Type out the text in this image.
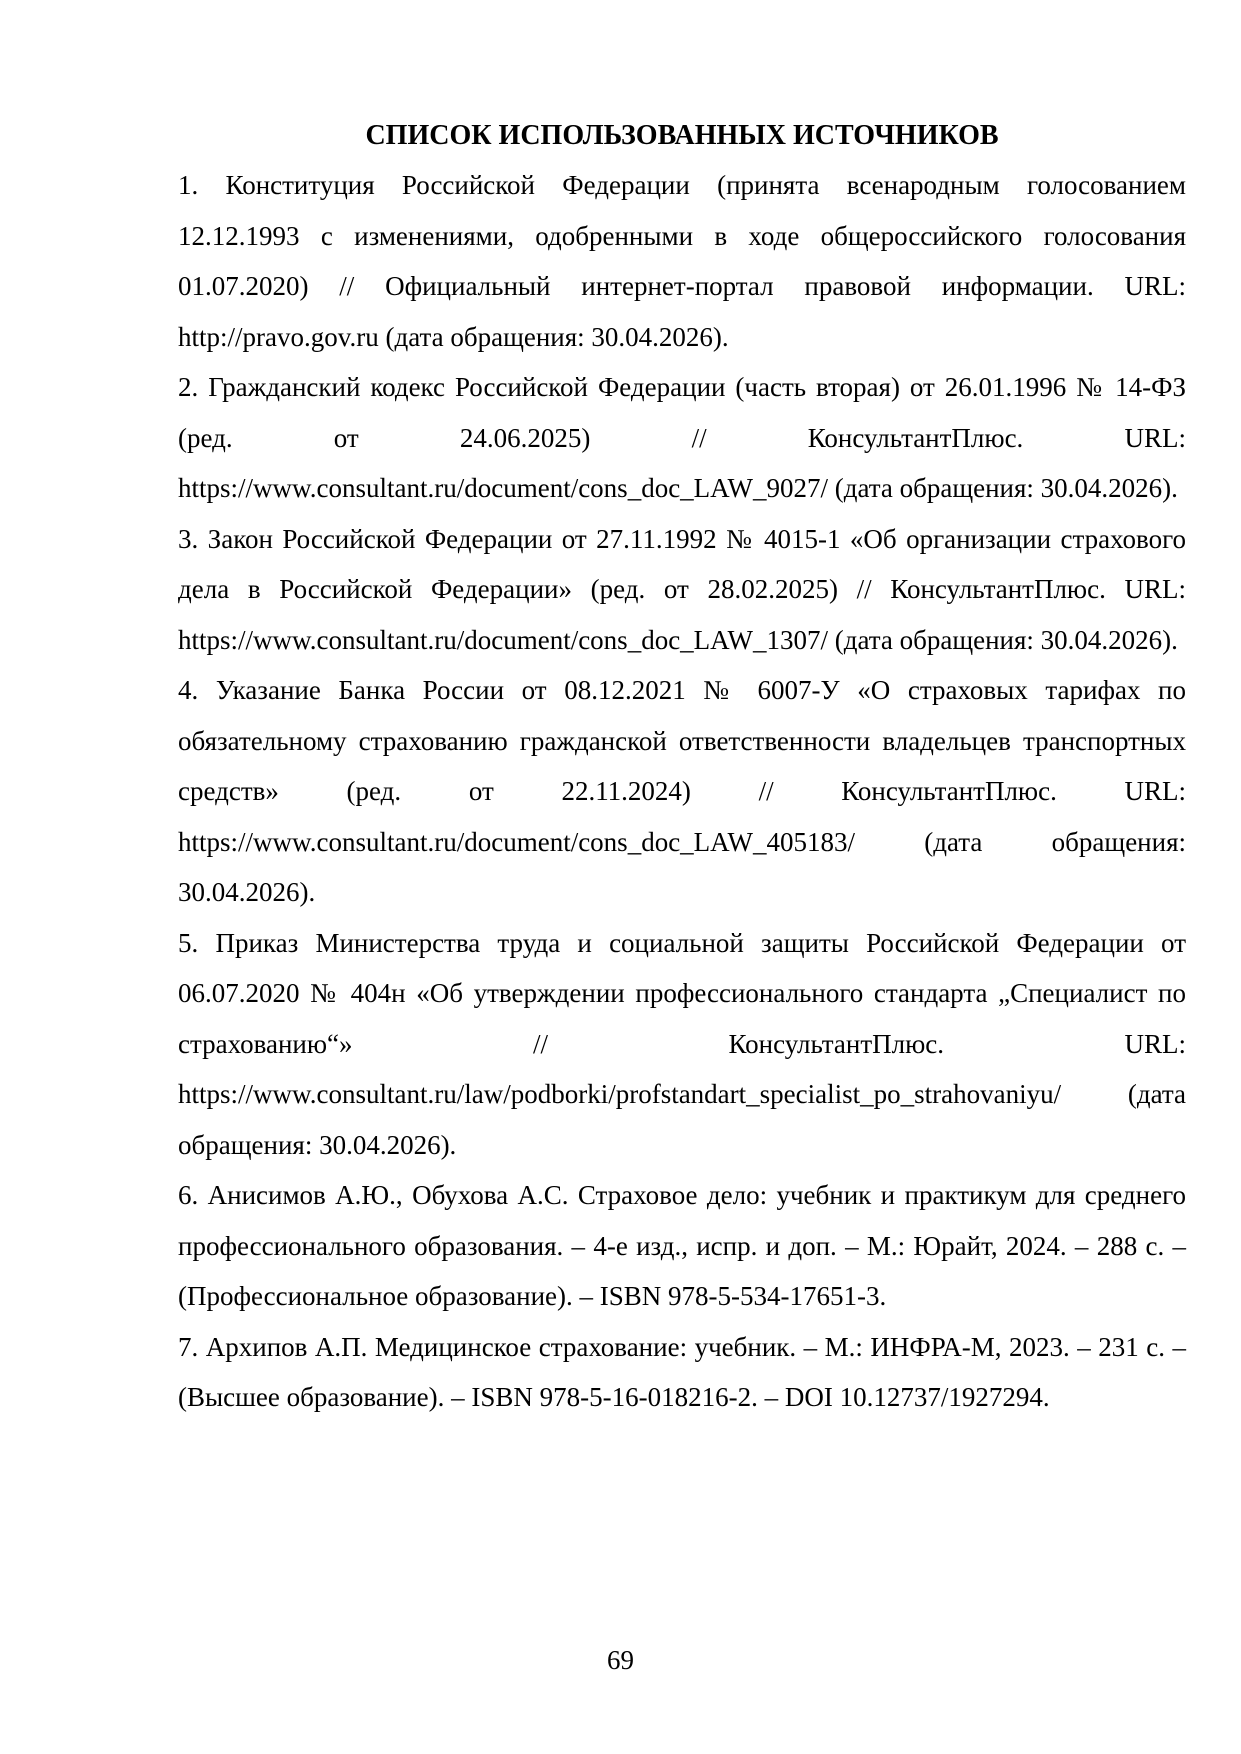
СПИСОК ИСПОЛЬЗОВАННЫХ ИСТОЧНИКОВ
1. Конституция Российской Федерации (принята всенародным голосованием 12.12.1993 с изменениями, одобренными в ходе общероссийского голосования 01.07.2020) // Официальный интернет-портал правовой информации. URL: http://pravo.gov.ru (дата обращения: 30.04.2026).
2. Гражданский кодекс Российской Федерации (часть вторая) от 26.01.1996 № 14-ФЗ (ред. от 24.06.2025) // КонсультантПлюс. URL: https://www.consultant.ru/document/cons_doc_LAW_9027/ (дата обращения: 30.04.2026).
3. Закон Российской Федерации от 27.11.1992 № 4015-1 «Об организации страхового дела в Российской Федерации» (ред. от 28.02.2025) // КонсультантПлюс. URL: https://www.consultant.ru/document/cons_doc_LAW_1307/ (дата обращения: 30.04.2026).
4. Указание Банка России от 08.12.2021 № 6007-У «О страховых тарифах по обязательному страхованию гражданской ответственности владельцев транспортных средств» (ред. от 22.11.2024) // КонсультантПлюс. URL: https://www.consultant.ru/document/cons_doc_LAW_405183/ (дата обращения: 30.04.2026).
5. Приказ Министерства труда и социальной защиты Российской Федерации от 06.07.2020 № 404н «Об утверждении профессионального стандарта „Специалист по страхованию“» // КонсультантПлюс. URL: https://www.consultant.ru/law/podborki/profstandart_specialist_po_strahovaniyu/ (дата обращения: 30.04.2026).
6. Анисимов А.Ю., Обухова А.С. Страховое дело: учебник и практикум для среднего профессионального образования. – 4-е изд., испр. и доп. – М.: Юрайт, 2024. – 288 с. – (Профессиональное образование). – ISBN 978-5-534-17651-3.
7. Архипов А.П. Медицинское страхование: учебник. – М.: ИНФРА-М, 2023. – 231 с. – (Высшее образование). – ISBN 978-5-16-018216-2. – DOI 10.12737/1927294.
69
